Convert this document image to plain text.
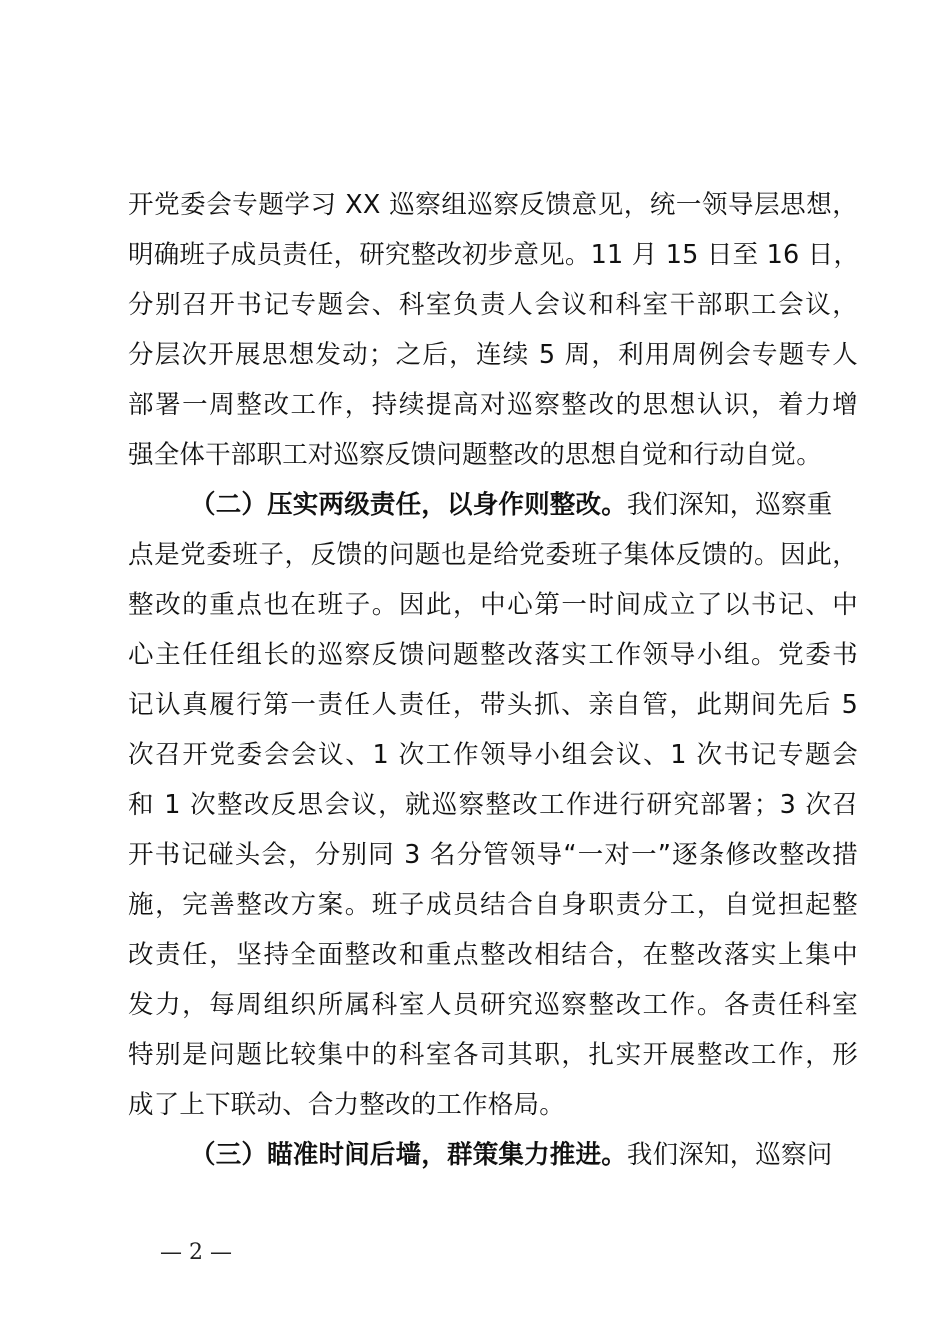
开党委会专题学习 XX 巡察组巡察反馈意见，统一领导层思想，
明确班子成员责任，研究整改初步意见。11 月 15 日至 16 日，
分别召开书记专题会、科室负责人会议和科室干部职工会议，
分层次开展思想发动；之后，连续 5 周，利用周例会专题专人
部署一周整改工作，持续提高对巡察整改的思想认识，着力增
强全体干部职工对巡察反馈问题整改的思想自觉和行动自觉。
（二）压实两级责任，以身作则整改。我们深知，巡察重
点是党委班子，反馈的问题也是给党委班子集体反馈的。因此，
整改的重点也在班子。因此，中心第一时间成立了以书记、中
心主任任组长的巡察反馈问题整改落实工作领导小组。党委书
记认真履行第一责任人责任，带头抓、亲自管，此期间先后 5
次召开党委会会议、1 次工作领导小组会议、1 次书记专题会
和 1 次整改反思会议，就巡察整改工作进行研究部署；3 次召
开书记碰头会，分别同 3 名分管领导“一对一”逐条修改整改措
施，完善整改方案。班子成员结合自身职责分工，自觉担起整
改责任，坚持全面整改和重点整改相结合，在整改落实上集中
发力，每周组织所属科室人员研究巡察整改工作。各责任科室
特别是问题比较集中的科室各司其职，扎实开展整改工作，形
成了上下联动、合力整改的工作格局。
（三）瞄准时间后墙，群策集力推进。我们深知，巡察问
— 2 —
